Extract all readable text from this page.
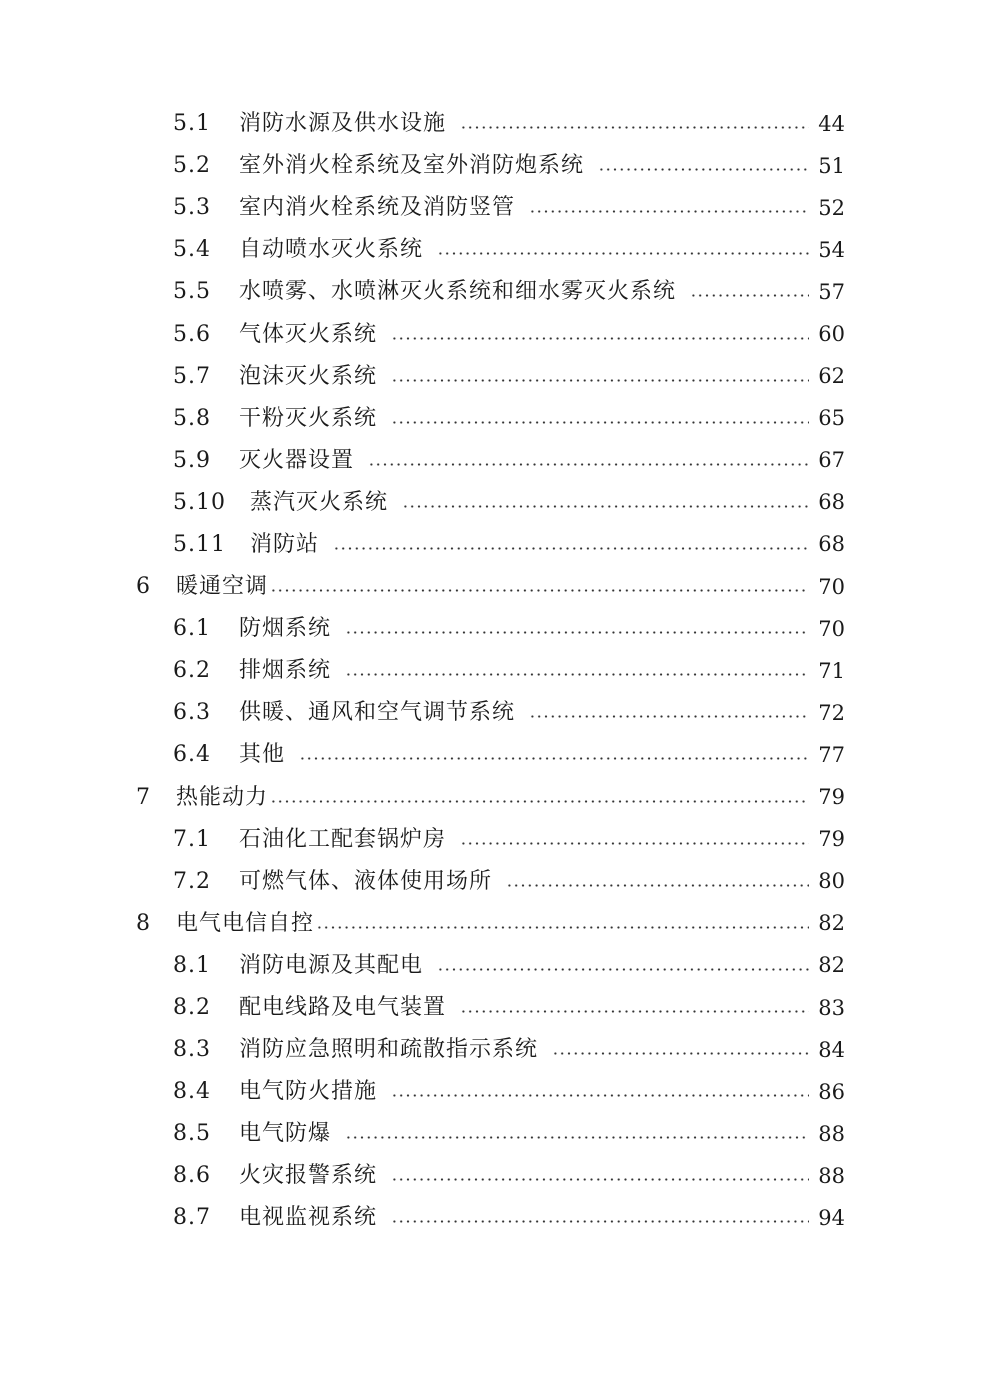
5.1 消防水源及供水设施	44
5.2 室外消火栓系统及室外消防炮系统	51
5.3 室内消火栓系统及消防竖管	52
5.4 自动喷水灭火系统	54
5.5 水喷雾、水喷淋灭火系统和细水雾灭火系统	57
5.6 气体灭火系统	60
5.7 泡沫灭火系统	62
5.8 干粉灭火系统	65
5.9 灭火器设置	67
5.10 蒸汽灭火系统	68
5.11 消防站	68
6 暖通空调	70
6.1 防烟系统	70
6.2 排烟系统	71
6.3 供暖、通风和空气调节系统	72
6.4 其他	77
7 热能动力	79
7.1 石油化工配套锅炉房	79
7.2 可燃气体、液体使用场所	80
8 电气电信自控	82
8.1 消防电源及其配电	82
8.2 配电线路及电气装置	83
8.3 消防应急照明和疏散指示系统	84
8.4 电气防火措施	86
8.5 电气防爆	88
8.6 火灾报警系统	88
8.7 电视监视系统	94
